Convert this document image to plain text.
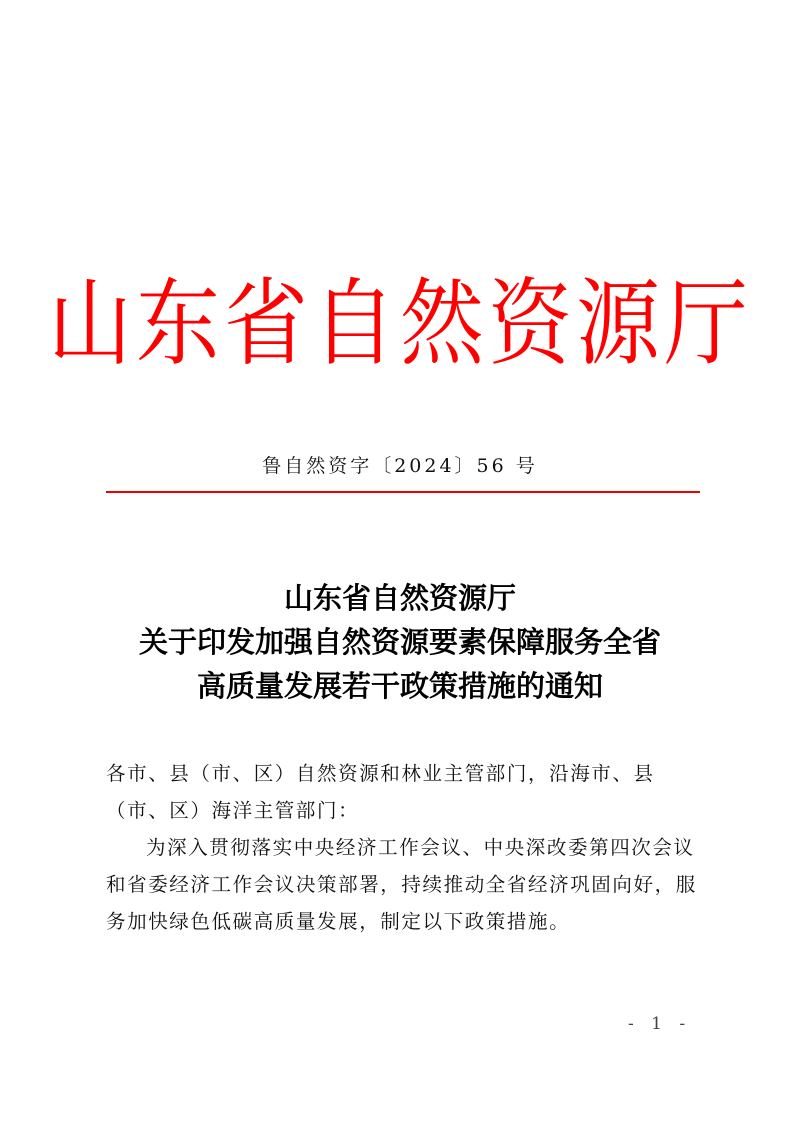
山东省自然资源厅
鲁自然资字〔2024〕56 号
山东省自然资源厅
关于印发加强自然资源要素保障服务全省
高质量发展若干政策措施的通知

各市、县（市、区）自然资源和林业主管部门，沿海市、县（市、区）海洋主管部门：

为深入贯彻落实中央经济工作会议、中央深改委第四次会议和省委经济工作会议决策部署，持续推动全省经济巩固向好，服务加快绿色低碳高质量发展，制定以下政策措施。

- 1 -
